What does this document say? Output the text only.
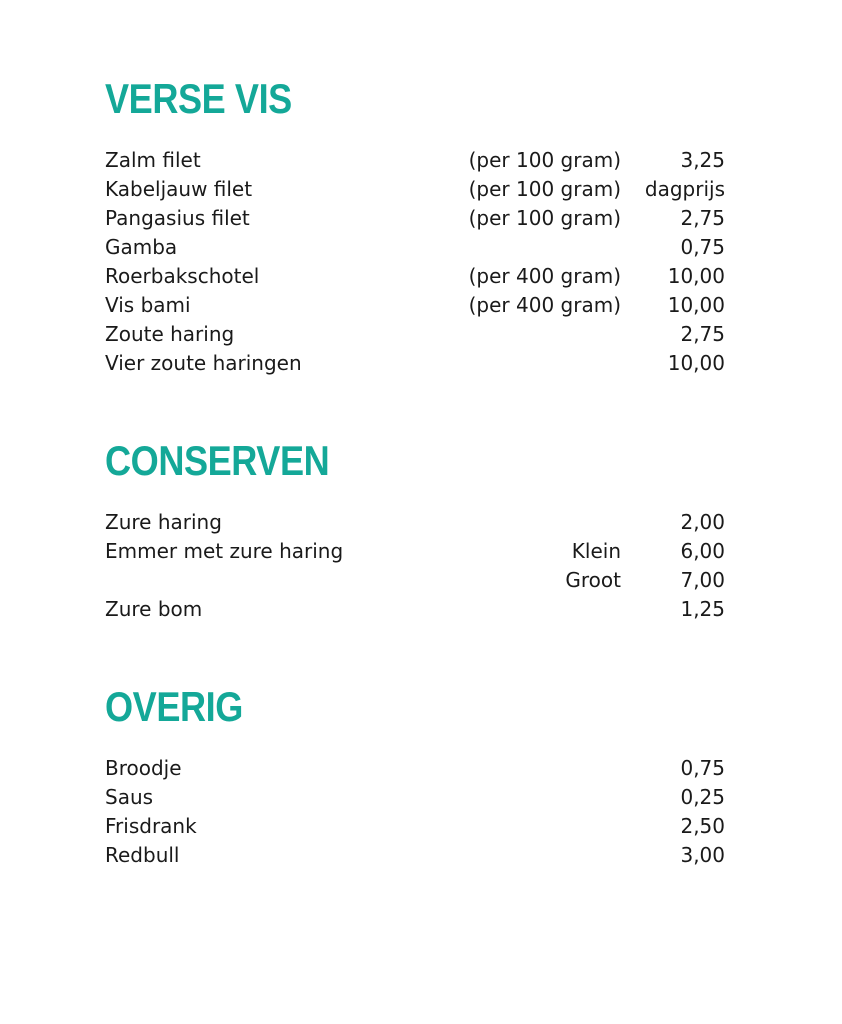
VERSE VIS
Zalm filet	(per 100 gram)	3,25
Kabeljauw filet	(per 100 gram) dagprijs
Pangasius filet	(per 100 gram)	2,75
Gamba	0,75
Roerbakschotel	(per 400 gram) 10,00
Vis bami	(per 400 gram) 10,00
Zoute haring	2,75
Vier zoute haringen	10,00
CONSERVEN
Zure haring	2,00
Emmer met zure haring	Klein	6,00
Groot	7,00
Zure bom	1,25
OVERIG
Broodje	0,75
Saus	0,25
Frisdrank	2,50
Redbull	3,00
